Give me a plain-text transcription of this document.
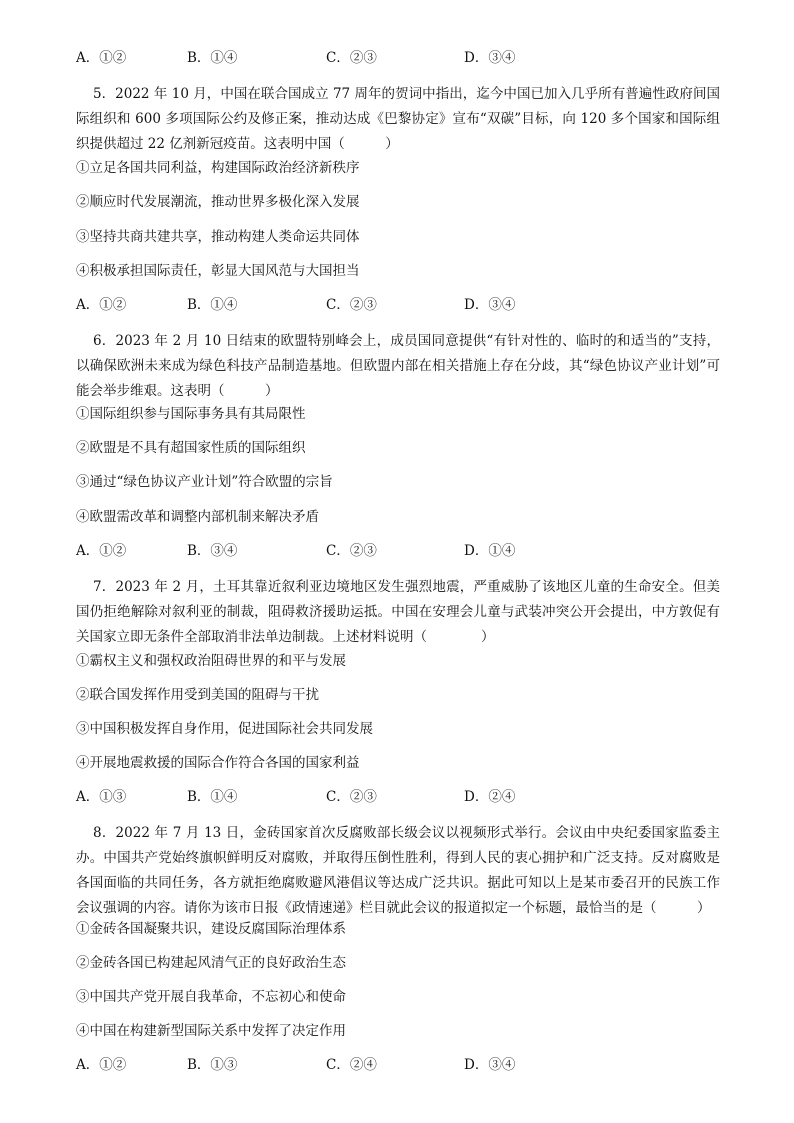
A．①②	B．①④	C．②③	D．③④

5．2022 年 10 月，中国在联合国成立 77 周年的贺词中指出，迄今中国已加入几乎所有普遍性政府间国际组织和 600 多项国际公约及修正案，推动达成《巴黎协定》宣布“双碳”目标，向 120 多个国家和国际组织提供超过 22 亿剂新冠疫苗。这表明中国（　　　）

①立足各国共同利益，构建国际政治经济新秩序
②顺应时代发展潮流，推动世界多极化深入发展
③坚持共商共建共享，推动构建人类命运共同体
④积极承担国际责任，彰显大国风范与大国担当
A．①②	B．①④	C．②③	D．③④

6．2023 年 2 月 10 日结束的欧盟特别峰会上，成员国同意提供“有针对性的、临时的和适当的”支持，以确保欧洲未来成为绿色科技产品制造基地。但欧盟内部在相关措施上存在分歧，其“绿色协议产业计划”可能会举步维艰。这表明（　　　）

①国际组织参与国际事务具有其局限性
②欧盟是不具有超国家性质的国际组织
③通过“绿色协议产业计划”符合欧盟的宗旨
④欧盟需改革和调整内部机制来解决矛盾
A．①②	B．③④	C．②③	D．①④

7．2023 年 2 月，土耳其靠近叙利亚边境地区发生强烈地震，严重威胁了该地区儿童的生命安全。但美国仍拒绝解除对叙利亚的制裁，阻碍救济援助运抵。中国在安理会儿童与武装冲突公开会提出，中方敦促有关国家立即无条件全部取消非法单边制裁。上述材料说明（　　　　）

①霸权主义和强权政治阻碍世界的和平与发展
②联合国发挥作用受到美国的阻碍与干扰
③中国积极发挥自身作用，促进国际社会共同发展
④开展地震救援的国际合作符合各国的国家利益
A．①③	B．①④	C．②③	D．②④

8．2022 年 7 月 13 日，金砖国家首次反腐败部长级会议以视频形式举行。会议由中央纪委国家监委主办。中国共产党始终旗帜鲜明反对腐败，并取得压倒性胜利，得到人民的衷心拥护和广泛支持。反对腐败是各国面临的共同任务，各方就拒绝腐败避风港倡议等达成广泛共识。据此可知以上是某市委召开的民族工作会议强调的内容。请你为该市日报《政情速递》栏目就此会议的报道拟定一个标题，最恰当的是（　　　）

①金砖各国凝聚共识，建设反腐国际治理体系
②金砖各国已构建起风清气正的良好政治生态
③中国共产党开展自我革命，不忘初心和使命
④中国在构建新型国际关系中发挥了决定作用
A．①②	B．①③	C．②④	D．③④
